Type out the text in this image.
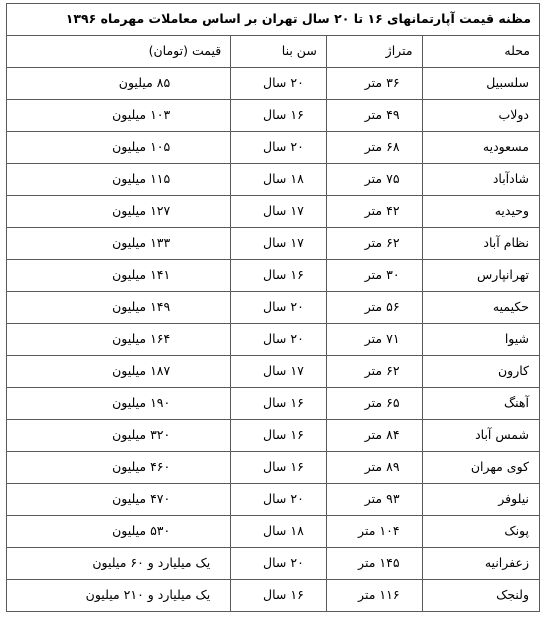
مظنه قیمت آپارتمانهای ۱۶ تا ۲۰ سال تهران بر اساس معاملات مهرماه ۱۳۹۶			
محله	متراژ	سن بنا	قیمت (تومان)
سلسبیل	۳۶ متر	۲۰ سال	۸۵ میلیون
دولاب	۴۹ متر	۱۶ سال	۱۰۳ میلیون
مسعودیه	۶۸ متر	۲۰ سال	۱۰۵ میلیون
شادآباد	۷۵ متر	۱۸ سال	۱۱۵ میلیون
وحیدیه	۴۲ متر	۱۷ سال	۱۲۷ میلیون
نظام آباد	۶۲ متر	۱۷ سال	۱۳۳ میلیون
تهرانپارس	۳۰ متر	۱۶ سال	۱۴۱ میلیون
حکیمیه	۵۶ متر	۲۰ سال	۱۴۹ میلیون
شیوا	۷۱ متر	۲۰ سال	۱۶۴ میلیون
کارون	۶۲ متر	۱۷ سال	۱۸۷ میلیون
آهنگ	۶۵ متر	۱۶ سال	۱۹۰ میلیون
شمس آباد	۸۴ متر	۱۶ سال	۳۲۰ میلیون
کوی مهران	۸۹ متر	۱۶ سال	۴۶۰ میلیون
نیلوفر	۹۳ متر	۲۰ سال	۴۷۰ میلیون
پونک	۱۰۴ متر	۱۸ سال	۵۳۰ میلیون
زعفرانیه	۱۴۵ متر	۲۰ سال	یک میلیارد و ۶۰ میلیون
ولنجک	۱۱۶ متر	۱۶ سال	یک میلیارد و ۲۱۰ میلیون
